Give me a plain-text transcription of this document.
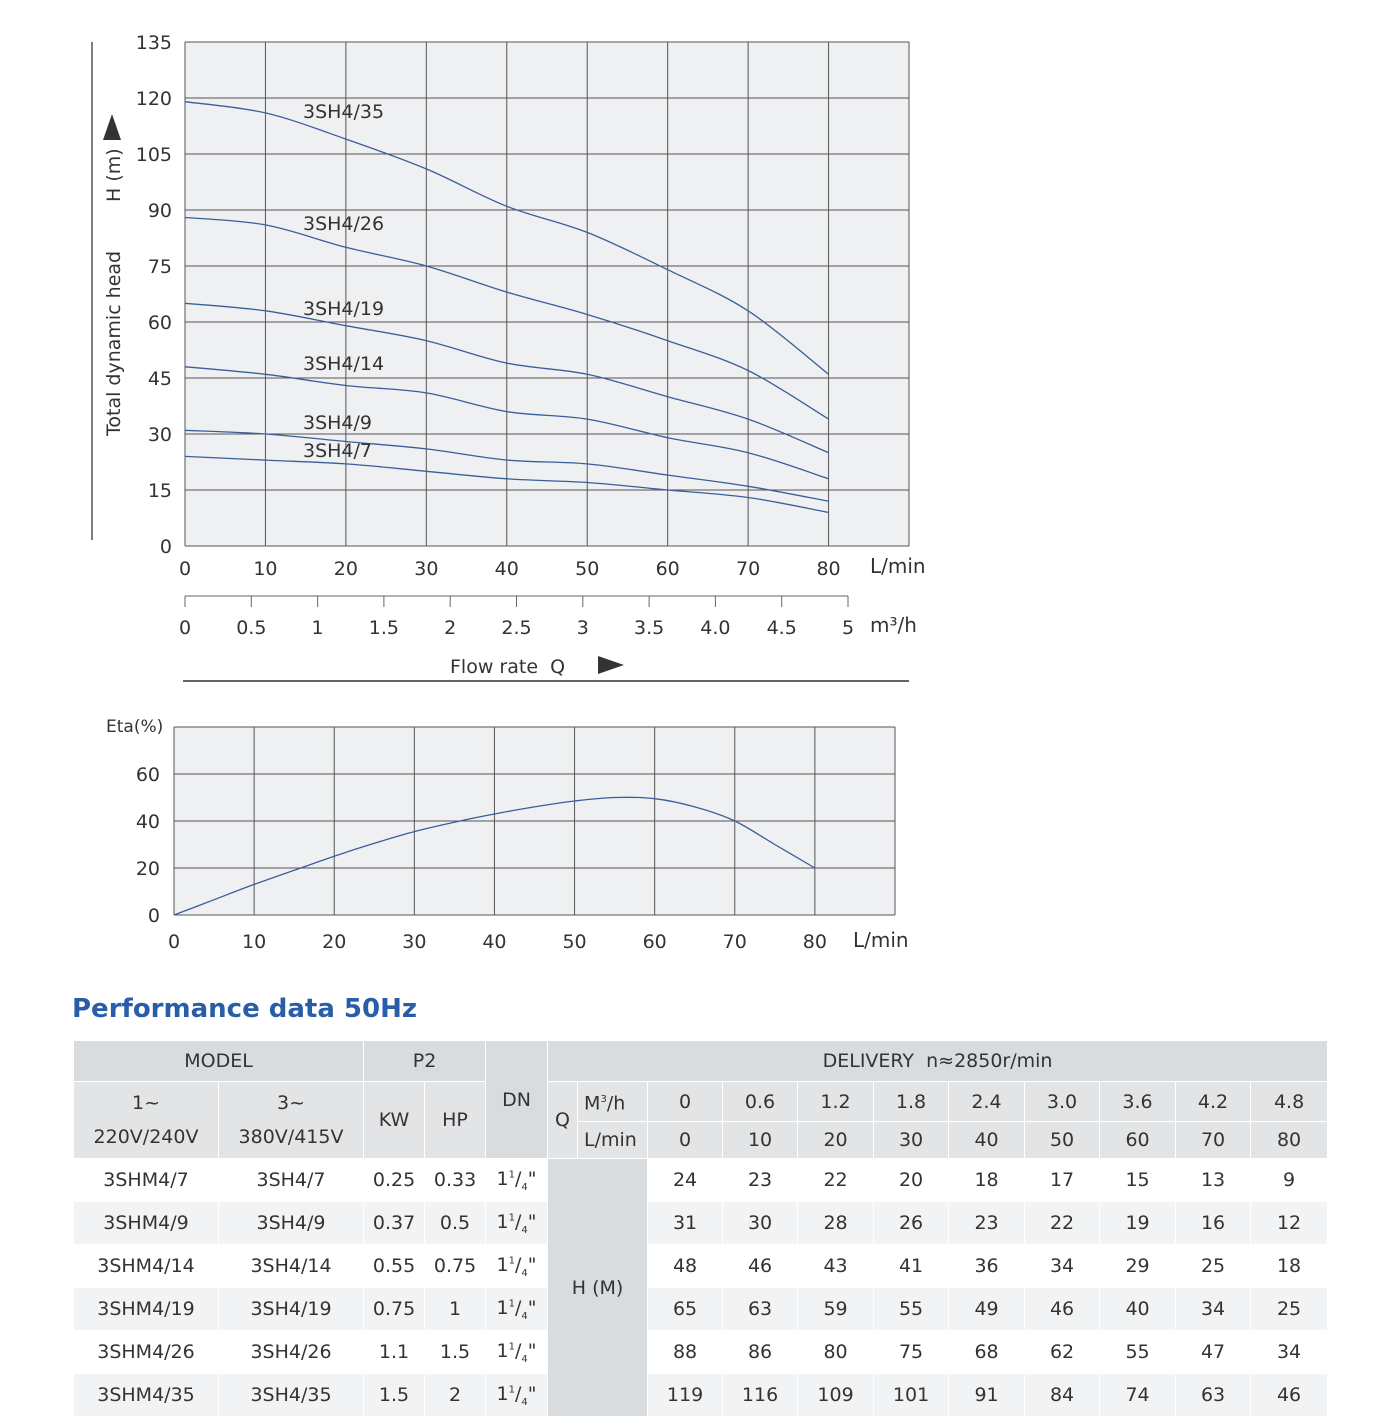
0
15
30
45
60
75
90
105
120
135
0	10	20	30	40	50	60	70	80
3SH4/35
3SH4/26
3SH4/19
3SH4/14
3SH4/9
3SH4/7
L/min
0 0.5 1 1.5 2 2.5 3 3.5 4.0 4.5 5 m³/h
Flow rate  Q
Total dynamic head
H (m)
Eta(%)
0
20
40
60
0	10	20	30	40	50	60	70	80 L/min
Performance data 50Hz
MODEL		P2		DN	DELIVERY  n≈2850r/min										
1~
220V/240V	3~
380V/415V	KW	HP		Q	$M^3/h$	0	0.6	1.2	1.8	2.4	3.0	3.6	4.2	4.8
						L/min	0	10	20	30	40	50	60	70	80
3SHM4/7	3SH4/7	0.25	0.33	$1^1/_4$"	H (M)		24	23	22	20	18	17	15	13	9
3SHM4/9	3SH4/9	0.37	0.5	$1^1/_4$"			31	30	28	26	23	22	19	16	12
3SHM4/14	3SH4/14	0.55	0.75	$1^1/_4$"			48	46	43	41	36	34	29	25	18
3SHM4/19	3SH4/19	0.75	1	$1^1/_4$"			65	63	59	55	49	46	40	34	25
3SHM4/26	3SH4/26	1.1	1.5	$1^1/_4$"			88	86	80	75	68	62	55	47	34
3SHM4/35	3SH4/35	1.5	2	$1^1/_4$"			119	116	109	101	91	84	74	63	46
